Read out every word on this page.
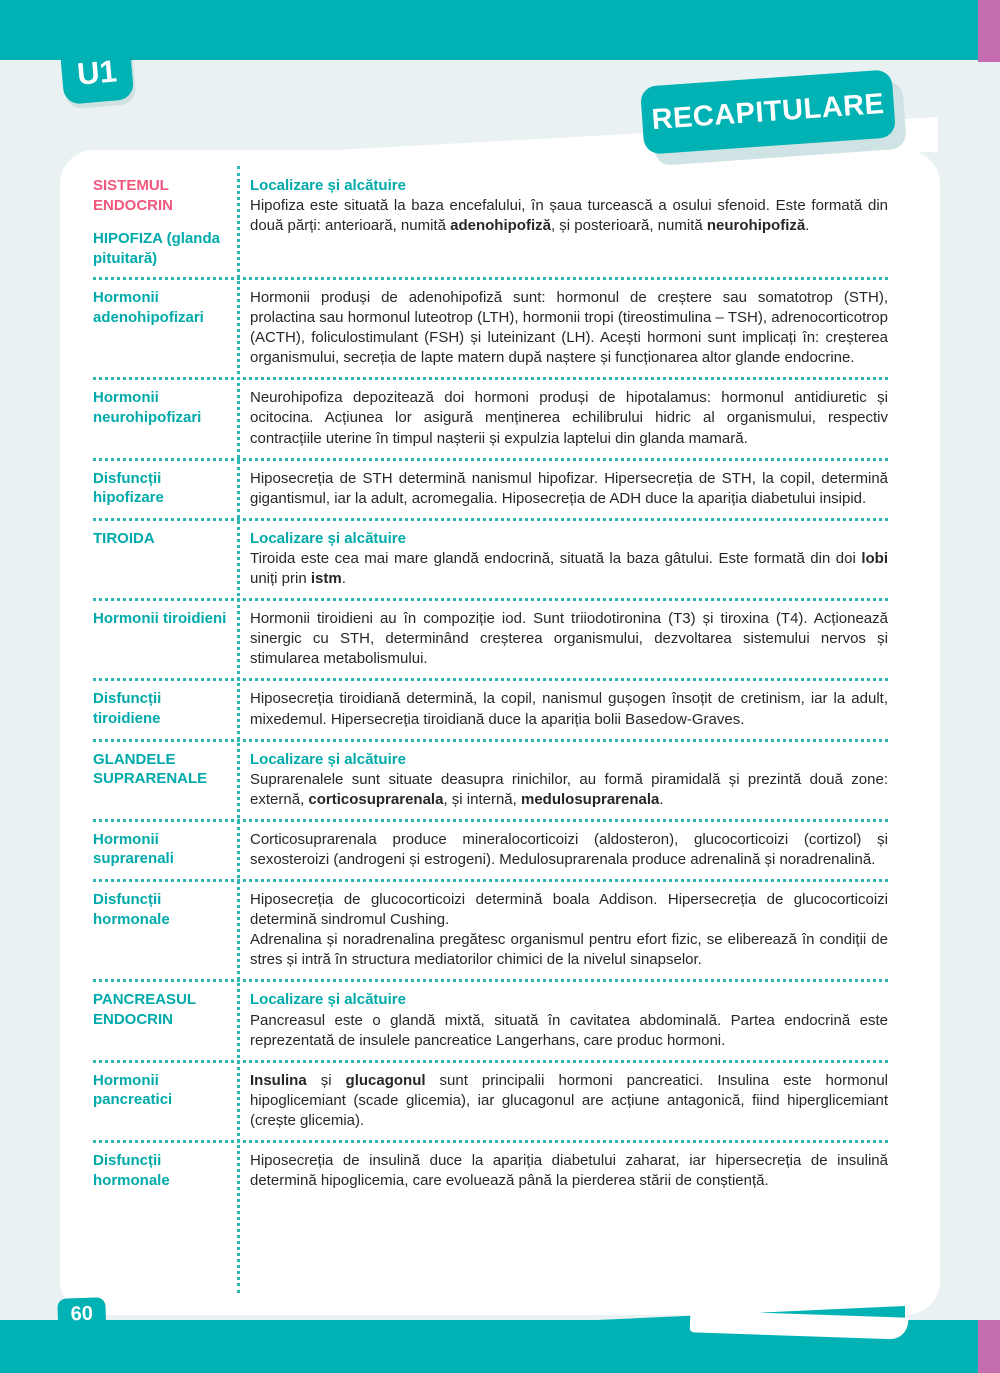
U1
RECAPITULARE
SISTEMUL ENDOCRIN
HIPOFIZA (glanda pituitară)
Localizare și alcătuire

Hipofiza este situată la baza encefalului, în șaua turcească a osului sfenoid. Este formată din două părți: anterioară, numită adenohipofiză, și posterioară, numită neurohipofiză.

Hormonii adenohipofizari

Hormonii produși de adenohipofiză sunt: hormonul de creștere sau somatotrop (STH), prolactina sau hormonul luteotrop (LTH), hormonii tropi (tireostimulina – TSH), adrenocorticotrop (ACTH), foliculostimulant (FSH) și luteinizant (LH). Acești hormoni sunt implicați în: creșterea organismului, secreția de lapte matern după naștere și funcționarea altor glande endocrine.

Hormonii neurohipofizari

Neurohipofiza depozitează doi hormoni produși de hipotalamus: hormonul antidiuretic și ocitocina. Acțiunea lor asigură menținerea echilibrului hidric al organismului, respectiv contracțiile uterine în timpul nașterii și expulzia laptelui din glanda mamară.

Disfuncții hipofizare

Hiposecreția de STH determină nanismul hipofizar. Hipersecreția de STH, la copil, determină gigantismul, iar la adult, acromegalia. Hiposecreția de ADH duce la apariția diabetului insipid.

TIROIDA	Localizare și alcătuire

Tiroida este cea mai mare glandă endocrină, situată la baza gâtului. Este formată din doi lobi uniți prin istm.

Hormonii tiroidieni Hormonii tiroidieni au în compoziție iod. Sunt triiodotironina (T3) și tiroxina (T4). Acționează sinergic cu STH, determinând creșterea organismului, dezvoltarea sistemului nervos și stimularea metabolismului.

Disfuncții tiroidiene

Hiposecreția tiroidiană determină, la copil, nanismul gușogen însoțit de cretinism, iar la adult, mixedemul. Hipersecreția tiroidiană duce la apariția bolii Basedow-Graves.

GLANDELE SUPRARENALE
Localizare și alcătuire

Suprarenalele sunt situate deasupra rinichilor, au formă piramidală și prezintă două zone: externă, corticosuprarenala, și internă, medulosuprarenala.

Hormonii suprarenali

Corticosuprarenala produce mineralocorticoizi (aldosteron), glucocorticoizi (cortizol) și sexosteroizi (androgeni și estrogeni). Medulosuprarenala produce adrenalină și noradrenalină.

Disfuncții hormonale

Hiposecreția de glucocorticoizi determină boala Addison. Hipersecreția de glucocorticoizi determină sindromul Cushing.

Adrenalina și noradrenalina pregătesc organismul pentru efort fizic, se eliberează în condiții de stres și intră în structura mediatorilor chimici de la nivelul sinapselor.

PANCREASUL ENDOCRIN
Localizare și alcătuire

Pancreasul este o glandă mixtă, situată în cavitatea abdominală. Partea endocrină este reprezentată de insulele pancreatice Langerhans, care produc hormoni.

Hormonii pancreatici

Insulina și glucagonul sunt principalii hormoni pancreatici. Insulina este hormonul hipoglicemiant (scade glicemia), iar glucagonul are acțiune antagonică, fiind hiperglicemiant (crește glicemia).

Disfuncții hormonale

Hiposecreția de insulină duce la apariția diabetului zaharat, iar hipersecreția de insulină determină hipoglicemia, care evoluează până la pierderea stării de conștiență.

60
